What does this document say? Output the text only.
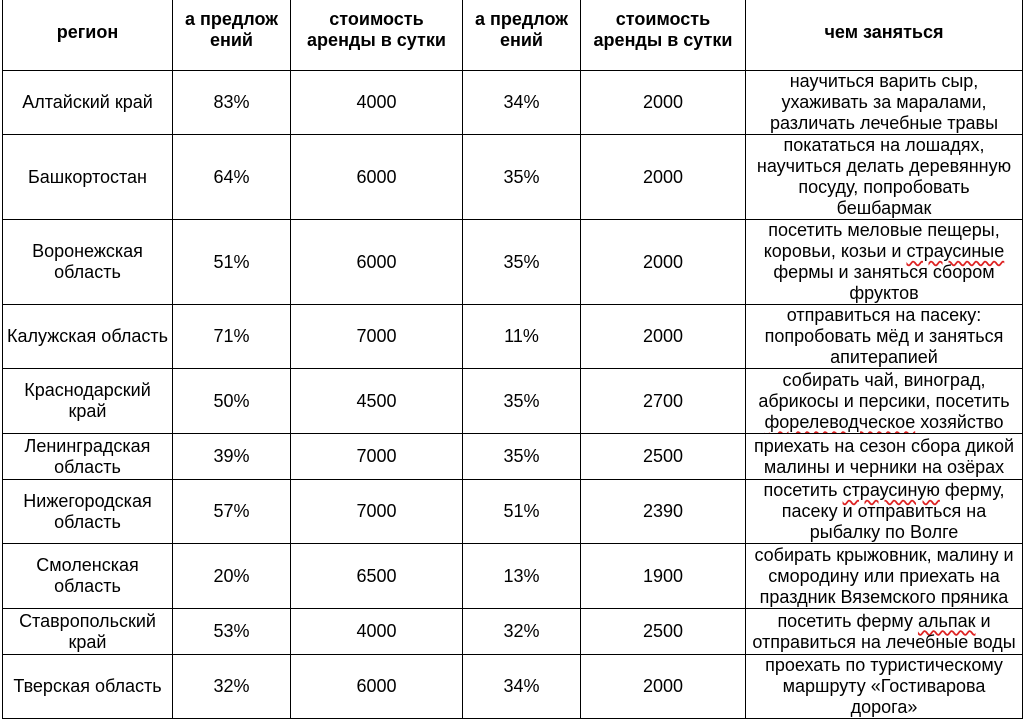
регион	а предлож ений	стоимость аренды в сутки	а предлож ений	стоимость аренды в сутки	чем заняться

Алтайский край	83%	4000	34%	2000	научиться варить сыр, ухаживать за маралами, различать лечебные травы
Башкортостан	64%	6000	35%	2000	покататься на лошадях, научиться делать деревянную посуду, попробовать бешбармак
Воронежская область	51%	6000	35%	2000	посетить меловые пещеры, коровьи, козьи и страусиные фермы и заняться сбором фруктов
Калужская область	71%	7000	11%	2000	отправиться на пасеку: попробовать мёд и заняться апитерапией
Краснодарский край	50%	4500	35%	2700	собирать чай, виноград, абрикосы и персики, посетить форелеводческое хозяйство
Ленинградская область	39%	7000	35%	2500	приехать на сезон сбора дикой малины и черники на озёрах
Нижегородская область	57%	7000	51%	2390	посетить страусиную ферму, пасеку и отправиться на рыбалку по Волге
Смоленская область	20%	6500	13%	1900	собирать крыжовник, малину и смородину или приехать на праздник Вяземского пряника
Ставропольский край	53%	4000	32%	2500	посетить ферму альпак и отправиться на лечебные воды
Тверская область	32%	6000	34%	2000	проехать по туристическому маршруту «Гостиварова дорога»
